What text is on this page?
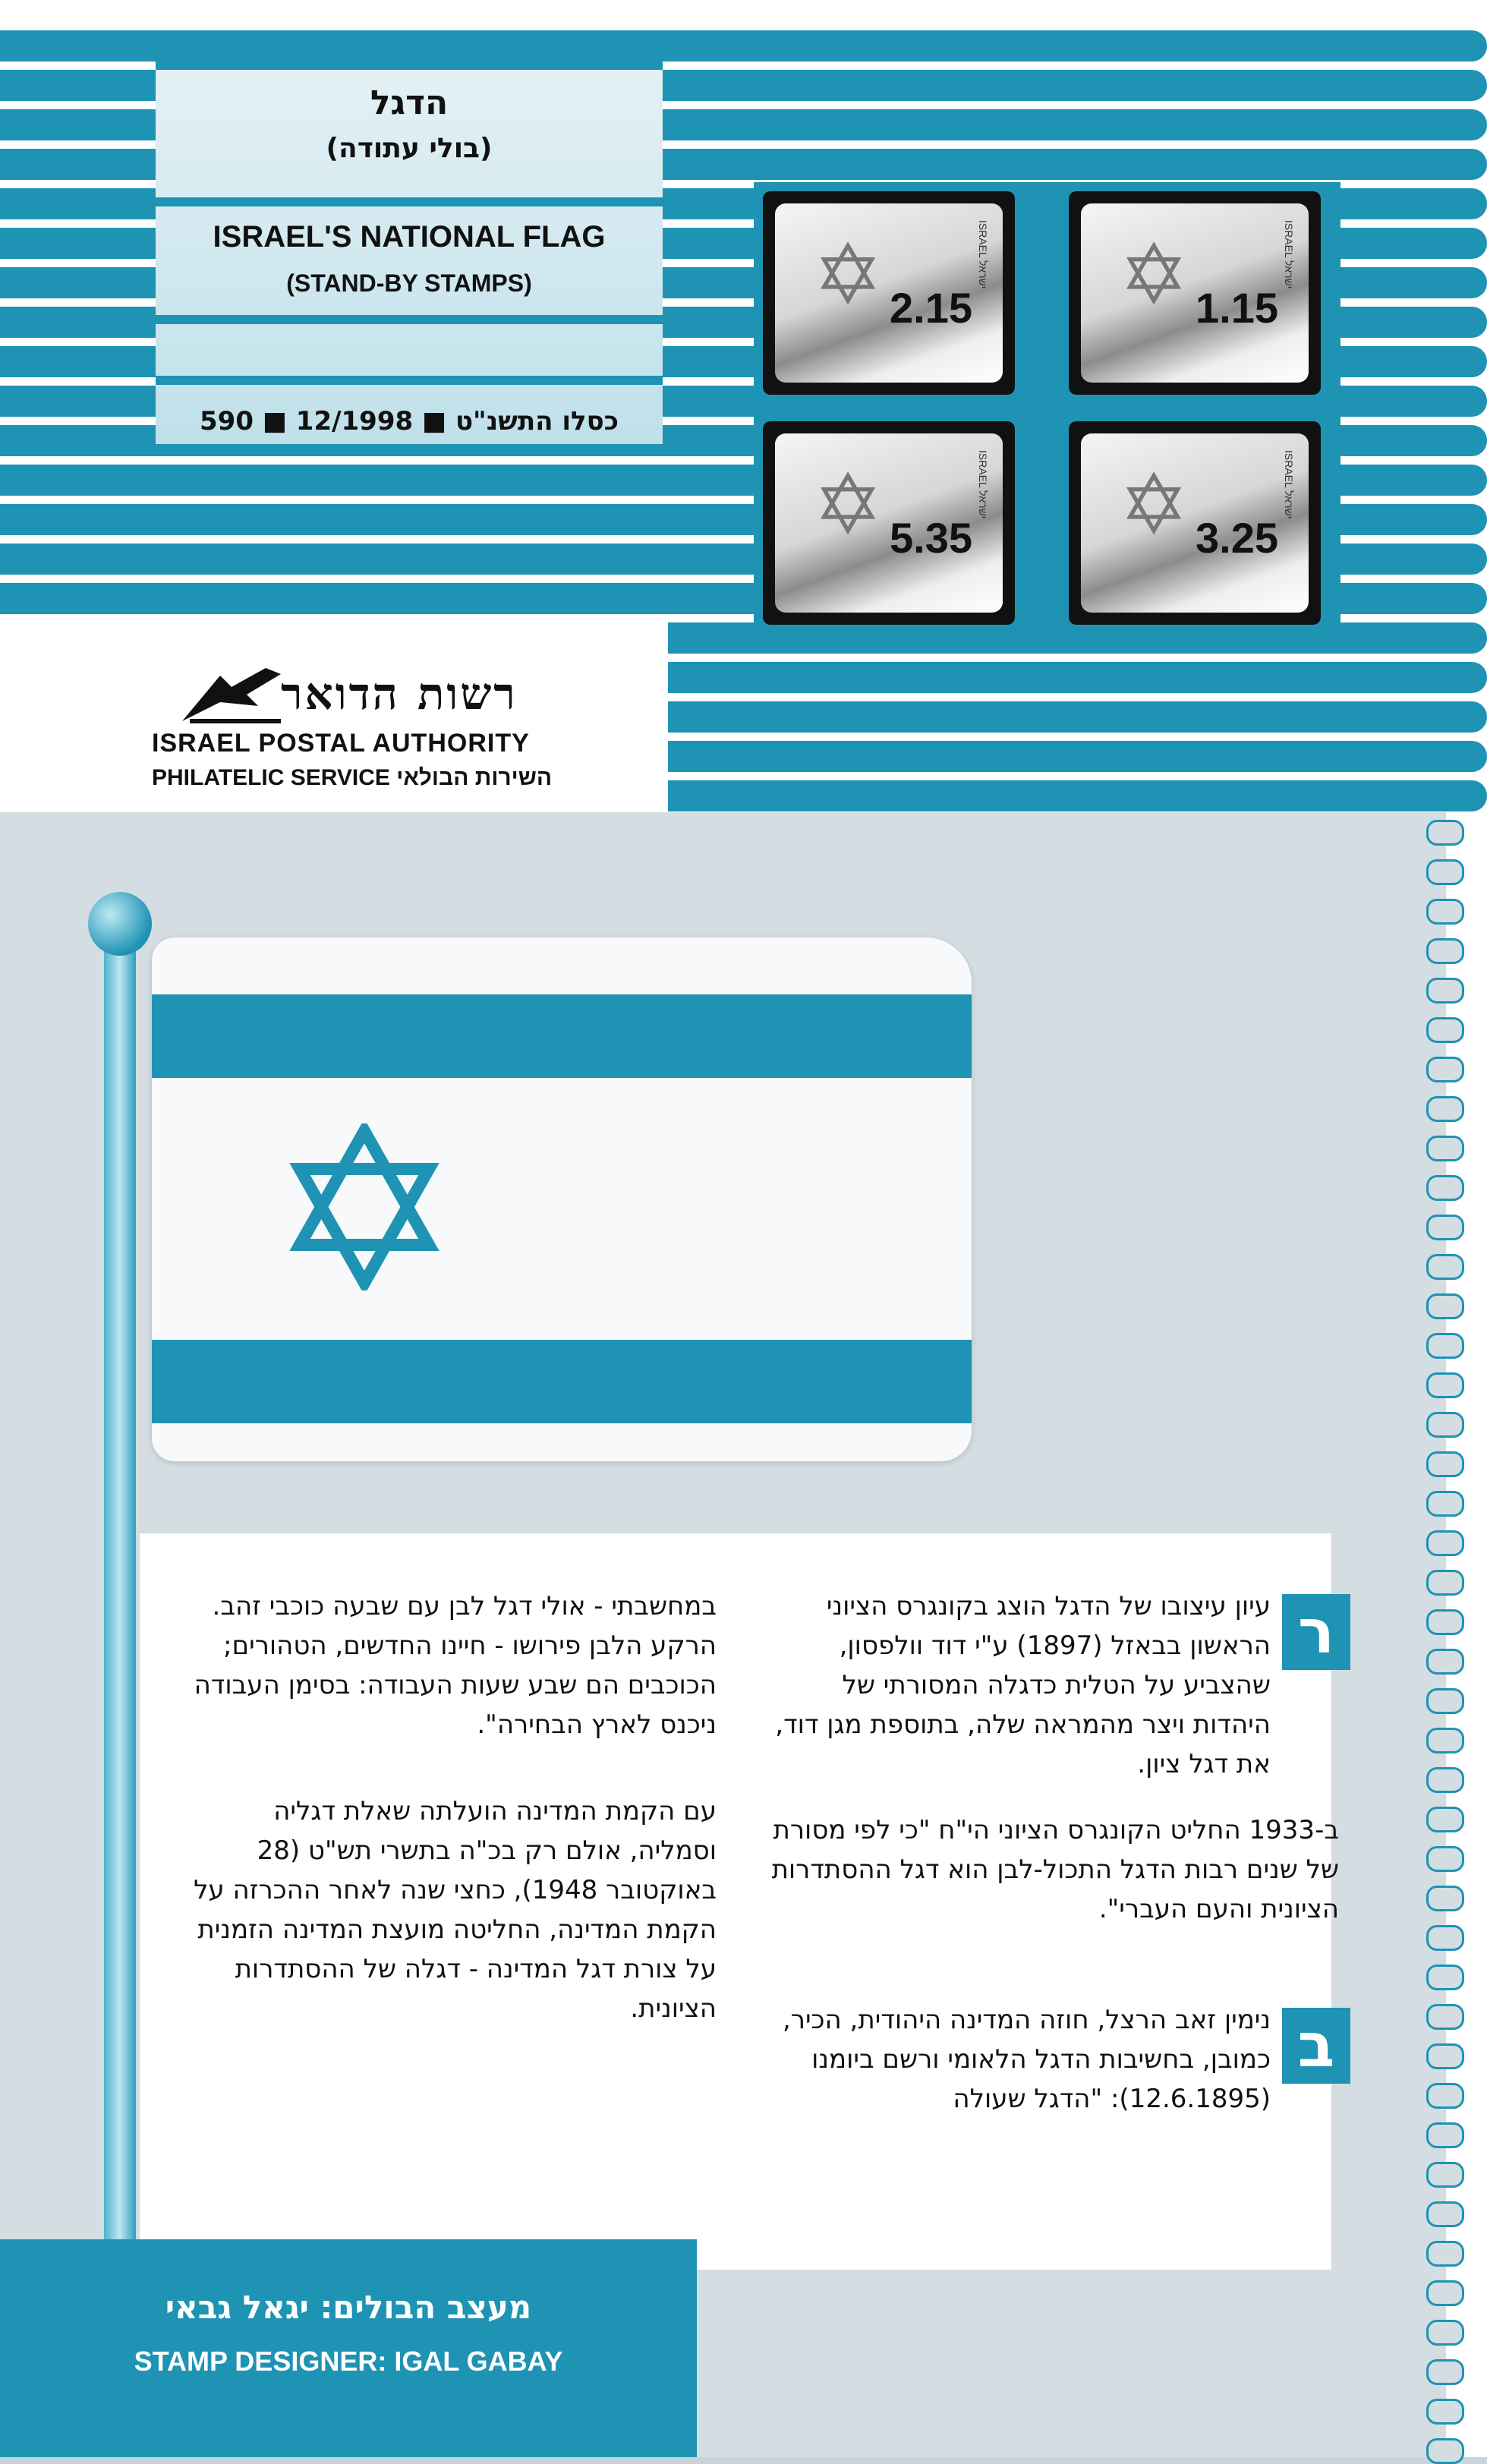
הדגל
(בולי עתודה)
ISRAEL'S NATIONAL FLAG
(STAND-BY STAMPS)
590 ■ 12/1998 ■ כסלו התשנ"ט
✡	ISRAEL ישראל
2.15 ✡	ISRAEL ישראל
1.15
✡	ISRAEL ישראל
5.35 ✡	ISRAEL ישראל
3.25
רשות הדואר
ISRAEL POSTAL AUTHORITY
PHILATELIC SERVICE השירות הבולאי
ר
עיון עיצובו של הדגל הוצג בקונגרס הציוני הראשון בבאזל (1897) ע"י דוד וולפסון, שהצביע על הטלית כדגלה המסורתי של היהדות ויצר מהמראה שלה, בתוספת מגן דוד, את דגל ציון.
ב-1933 החליט הקונגרס הציוני הי"ח "כי לפי מסורת של שנים רבות הדגל התכול-לבן הוא דגל ההסתדרות הציונית והעם העברי".
ב
נימין זאב הרצל, חוזה המדינה היהודית, הכיר, כמובן, בחשיבות הדגל הלאומי ורשם ביומנו (12.6.1895): "הדגל שעולה
במחשבתי - אולי דגל לבן עם שבעה כוכבי זהב. הרקע הלבן פירושו - חיינו החדשים, הטהורים; הכוכבים הם שבע שעות העבודה: בסימן העבודה ניכנס לארץ הבחירה".
עם הקמת המדינה הועלתה שאלת דגליה וסמליה, אולם רק בכ"ה בתשרי תש"ט (28 באוקטובר 1948), כחצי שנה לאחר ההכרזה על הקמת המדינה, החליטה מועצת המדינה הזמנית על צורת דגל המדינה - דגלה של ההסתדרות הציונית.
מעצב הבולים: יגאל גבאי
STAMP DESIGNER: IGAL GABAY
